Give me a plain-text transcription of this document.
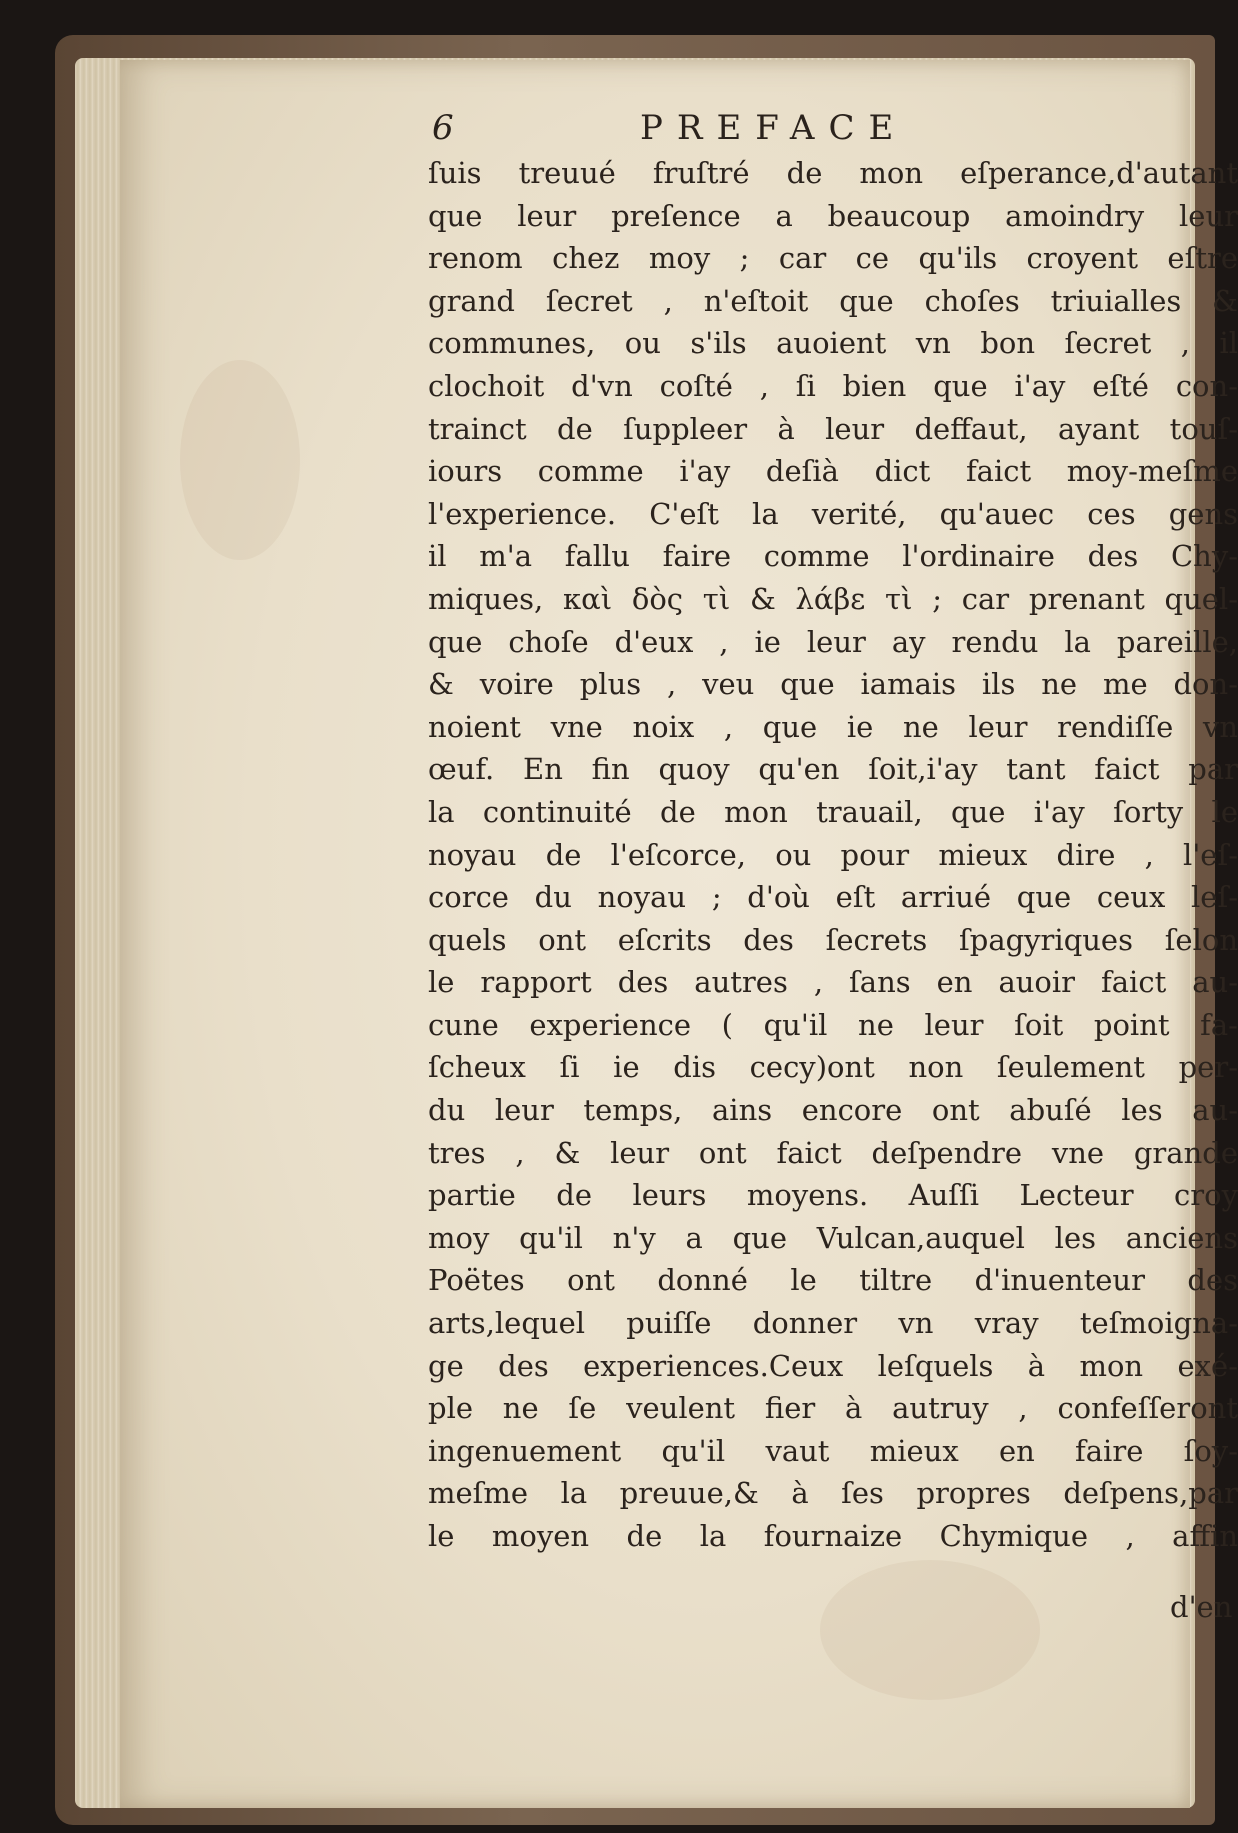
6	PREFACE
ſuis treuué fruſtré de mon eſperance,d'autant
que leur preſence a beaucoup amoindry leur
renom chez moy ; car ce qu'ils croyent eſtre
grand ſecret , n'eſtoit que choſes triuialles &
communes, ou s'ils auoient vn bon ſecret , il
clochoit d'vn coſté , ſi bien que i'ay eſté con-
trainct de ſuppleer à leur deffaut, ayant touſ-
iours comme i'ay deſià dict faict moy-meſme
l'experience. C'eſt la verité, qu'auec ces gens
il m'a fallu faire comme l'ordinaire des Chy-
miques, καὶ δὸς τὶ & λάβε τὶ ; car prenant quel-
que choſe d'eux , ie leur ay rendu la pareille,
& voire plus , veu que iamais ils ne me don-
noient vne noix , que ie ne leur rendiſſe vn
œuf. En fin quoy qu'en ſoit,i'ay tant faict par
la continuité de mon trauail, que i'ay ſorty le
noyau de l'eſcorce, ou pour mieux dire , l'eſ-
corce du noyau ; d'où eſt arriué que ceux leſ-
quels ont eſcrits des ſecrets ſpagyriques ſelon
le rapport des autres , ſans en auoir faict au-
cune experience ( qu'il ne leur ſoit point fa-
ſcheux ſi ie dis cecy)ont non ſeulement per-
du leur temps, ains encore ont abuſé les au-
tres , & leur ont faict deſpendre vne grande
partie de leurs moyens. Auſſi Lecteur croy
moy qu'il n'y a que Vulcan,auquel les anciens
Poëtes ont donné le tiltre d'inuenteur des
arts,lequel puiſſe donner vn vray teſmoigna-
ge des experiences.Ceux leſquels à mon exé-
ple ne ſe veulent fier à autruy , confeſſeront
ingenuement qu'il vaut mieux en faire ſoy-
meſme la preuue,& à ſes propres deſpens,par
le moyen de la fournaize Chymique , affin
d'en
